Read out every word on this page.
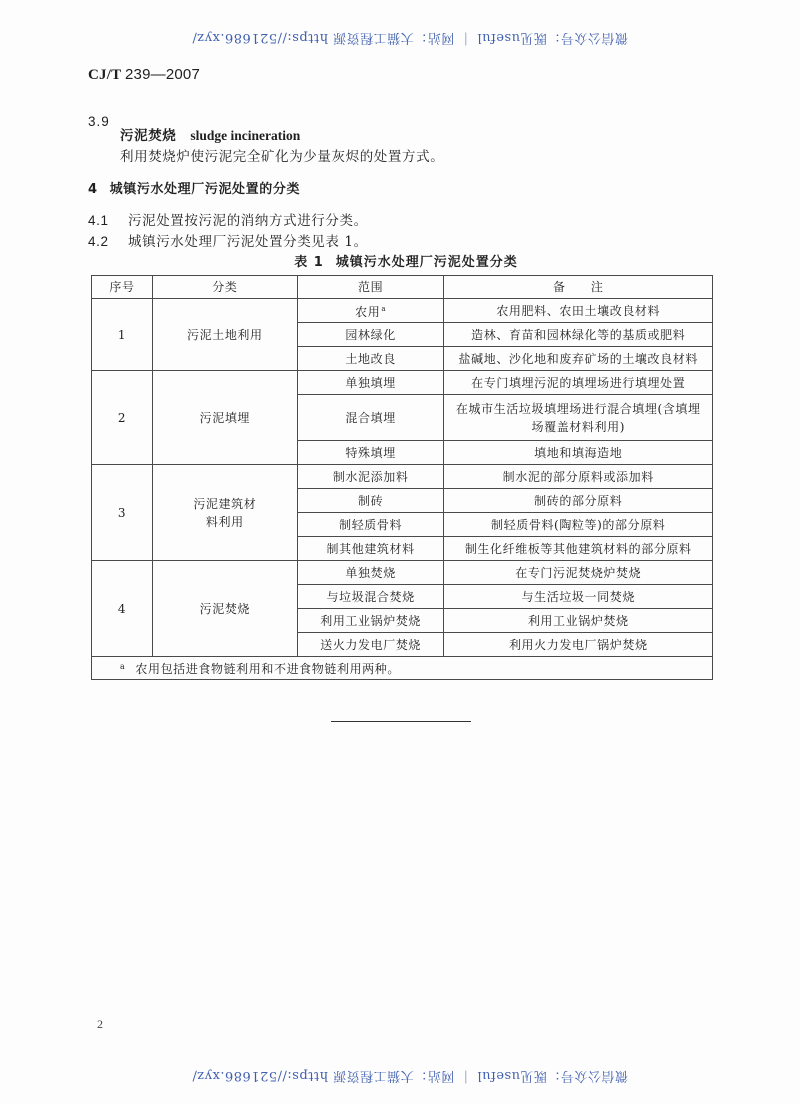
微信公众号：既见useful ｜ 网站：大猫工程资源 https://521686.xyz/
CJ/T 239—2007
3.9
污泥焚烧 sludge incineration
利用焚烧炉使污泥完全矿化为少量灰烬的处置方式。
4 城镇污水处理厂污泥处置的分类
4.1 污泥处置按污泥的消纳方式进行分类。
4.2 城镇污水处理厂污泥处置分类见表 1。
表 1 城镇污水处理厂污泥处置分类
序号	分类	范围	备　　注
1	污泥土地利用	农用$^a$	农用肥料、农田土壤改良材料
		园林绿化	造林、育苗和园林绿化等的基质或肥料
		土地改良	盐碱地、沙化地和废弃矿场的土壤改良材料
2	污泥填埋	单独填埋	在专门填埋污泥的填埋场进行填埋处置
		混合填埋	在城市生活垃圾填埋场进行混合填埋(含填埋场覆盖材料利用)
		特殊填埋	填地和填海造地
3	污泥建筑材料利用	制水泥添加料	制水泥的部分原料或添加料
		制砖	制砖的部分原料
		制轻质骨料	制轻质骨料(陶粒等)的部分原料
		制其他建筑材料	制生化纤维板等其他建筑材料的部分原料
4	污泥焚烧	单独焚烧	在专门污泥焚烧炉焚烧
		与垃圾混合焚烧	与生活垃圾一同焚烧
		利用工业锅炉焚烧	利用工业锅炉焚烧
		送火力发电厂焚烧	利用火力发电厂锅炉焚烧
$^a$ 农用包括进食物链利用和不进食物链利用两种。			
2
微信公众号：既见useful ｜ 网站：大猫工程资源 https://521686.xyz/
